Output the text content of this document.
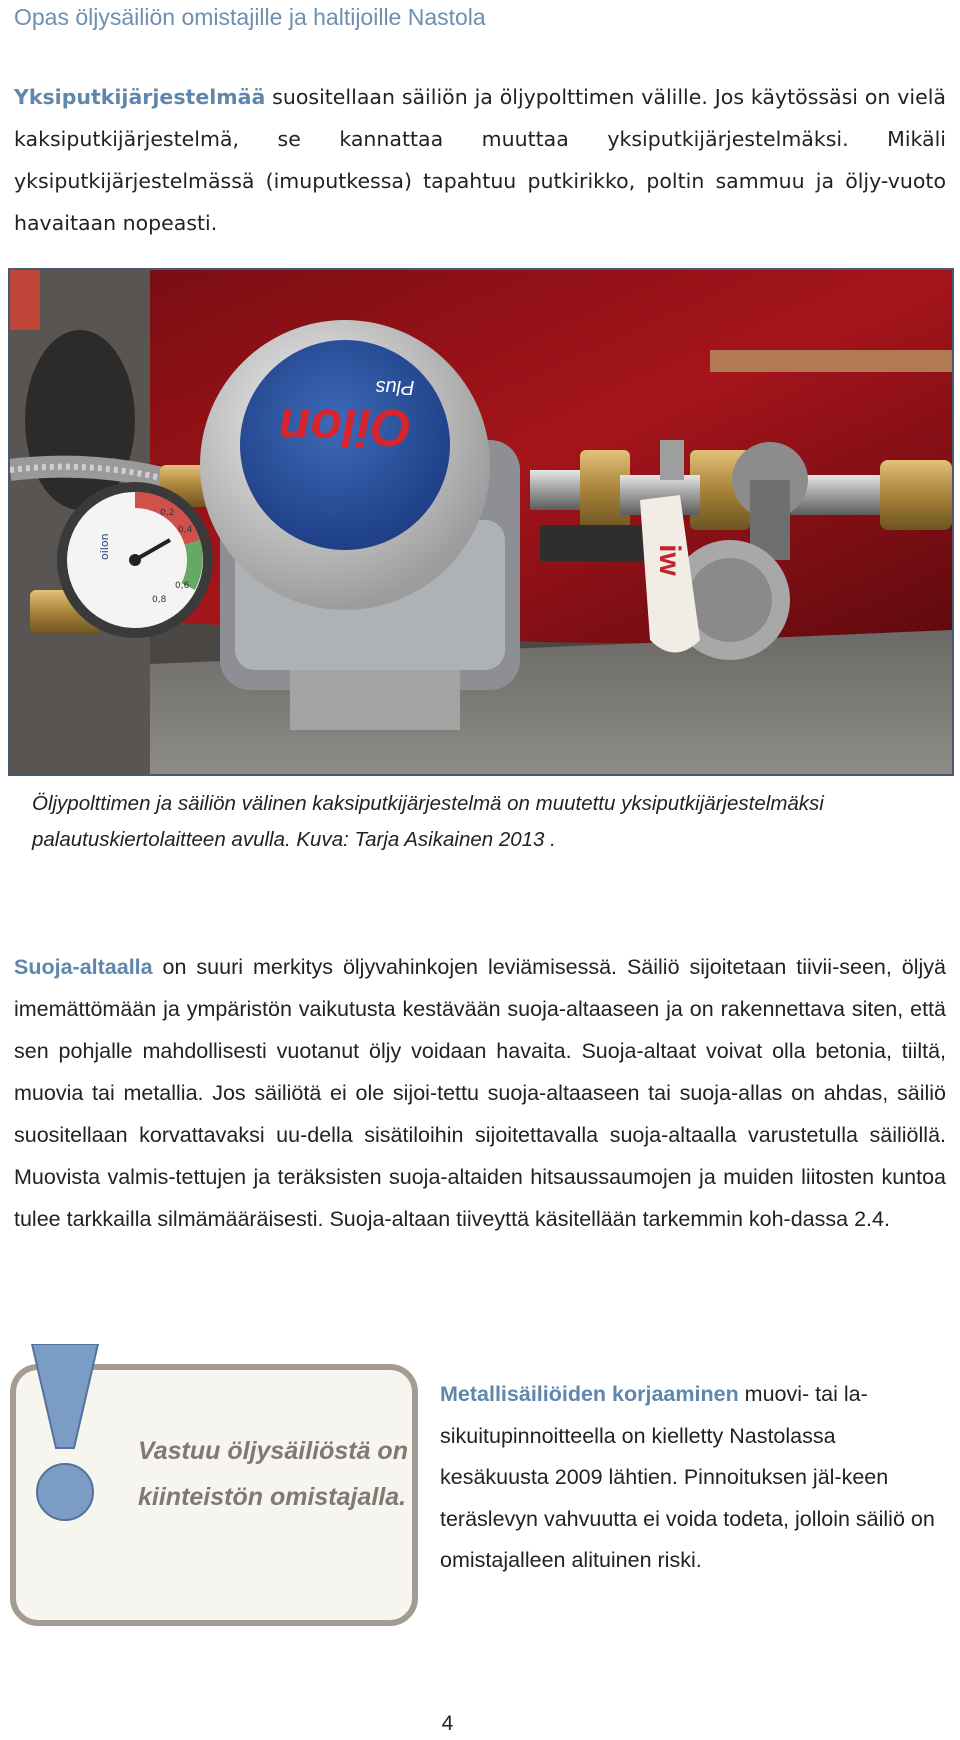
Opas öljysäiliön omistajille ja haltijoille Nastola

Yksiputkijärjestelmää suositellaan säiliön ja öljypolttimen välille. Jos käytössäsi on vielä kaksiputkijärjestelmä, se kannattaa muuttaa yksiputkijärjestelmäksi. Mikäli yksiputkijärjestelmässä (imuputkessa) tapahtuu putkirikko, poltin sammuu ja öljy-vuoto havaitaan nopeasti.

Oilon
Plus
oilon
0,2
0,4
0,6
0,8
iw

Öljypolttimen ja säiliön välinen kaksiputkijärjestelmä on muutettu yksiputkijärjestelmäksi palautuskiertolaitteen avulla. Kuva: Tarja Asikainen 2013 .

Suoja-altaalla on suuri merkitys öljyvahinkojen leviämisessä. Säiliö sijoitetaan tiivii-seen, öljyä imemättömään ja ympäristön vaikutusta kestävään suoja-altaaseen ja on rakennettava siten, että sen pohjalle mahdollisesti vuotanut öljy voidaan havaita. Suoja-altaat voivat olla betonia, tiiltä, muovia tai metallia. Jos säiliötä ei ole sijoi-tettu suoja-altaaseen tai suoja-allas on ahdas, säiliö suositellaan korvattavaksi uu-della sisätiloihin sijoitettavalla suoja-altaalla varustetulla säiliöllä. Muovista valmis-tettujen ja teräksisten suoja-altaiden hitsaussaumojen ja muiden liitosten kuntoa tulee tarkkailla silmämääräisesti. Suoja-altaan tiiveyttä käsitellään tarkemmin koh-dassa 2.4.

Vastuu öljysäiliöstä on kiinteistön omistajalla.

Metallisäiliöiden korjaaminen muovi- tai la-sikuitupinnoitteella on kielletty Nastolassa kesäkuusta 2009 lähtien. Pinnoituksen jäl-keen teräslevyn vahvuutta ei voida todeta, jolloin säiliö on omistajalleen alituinen riski.

4
